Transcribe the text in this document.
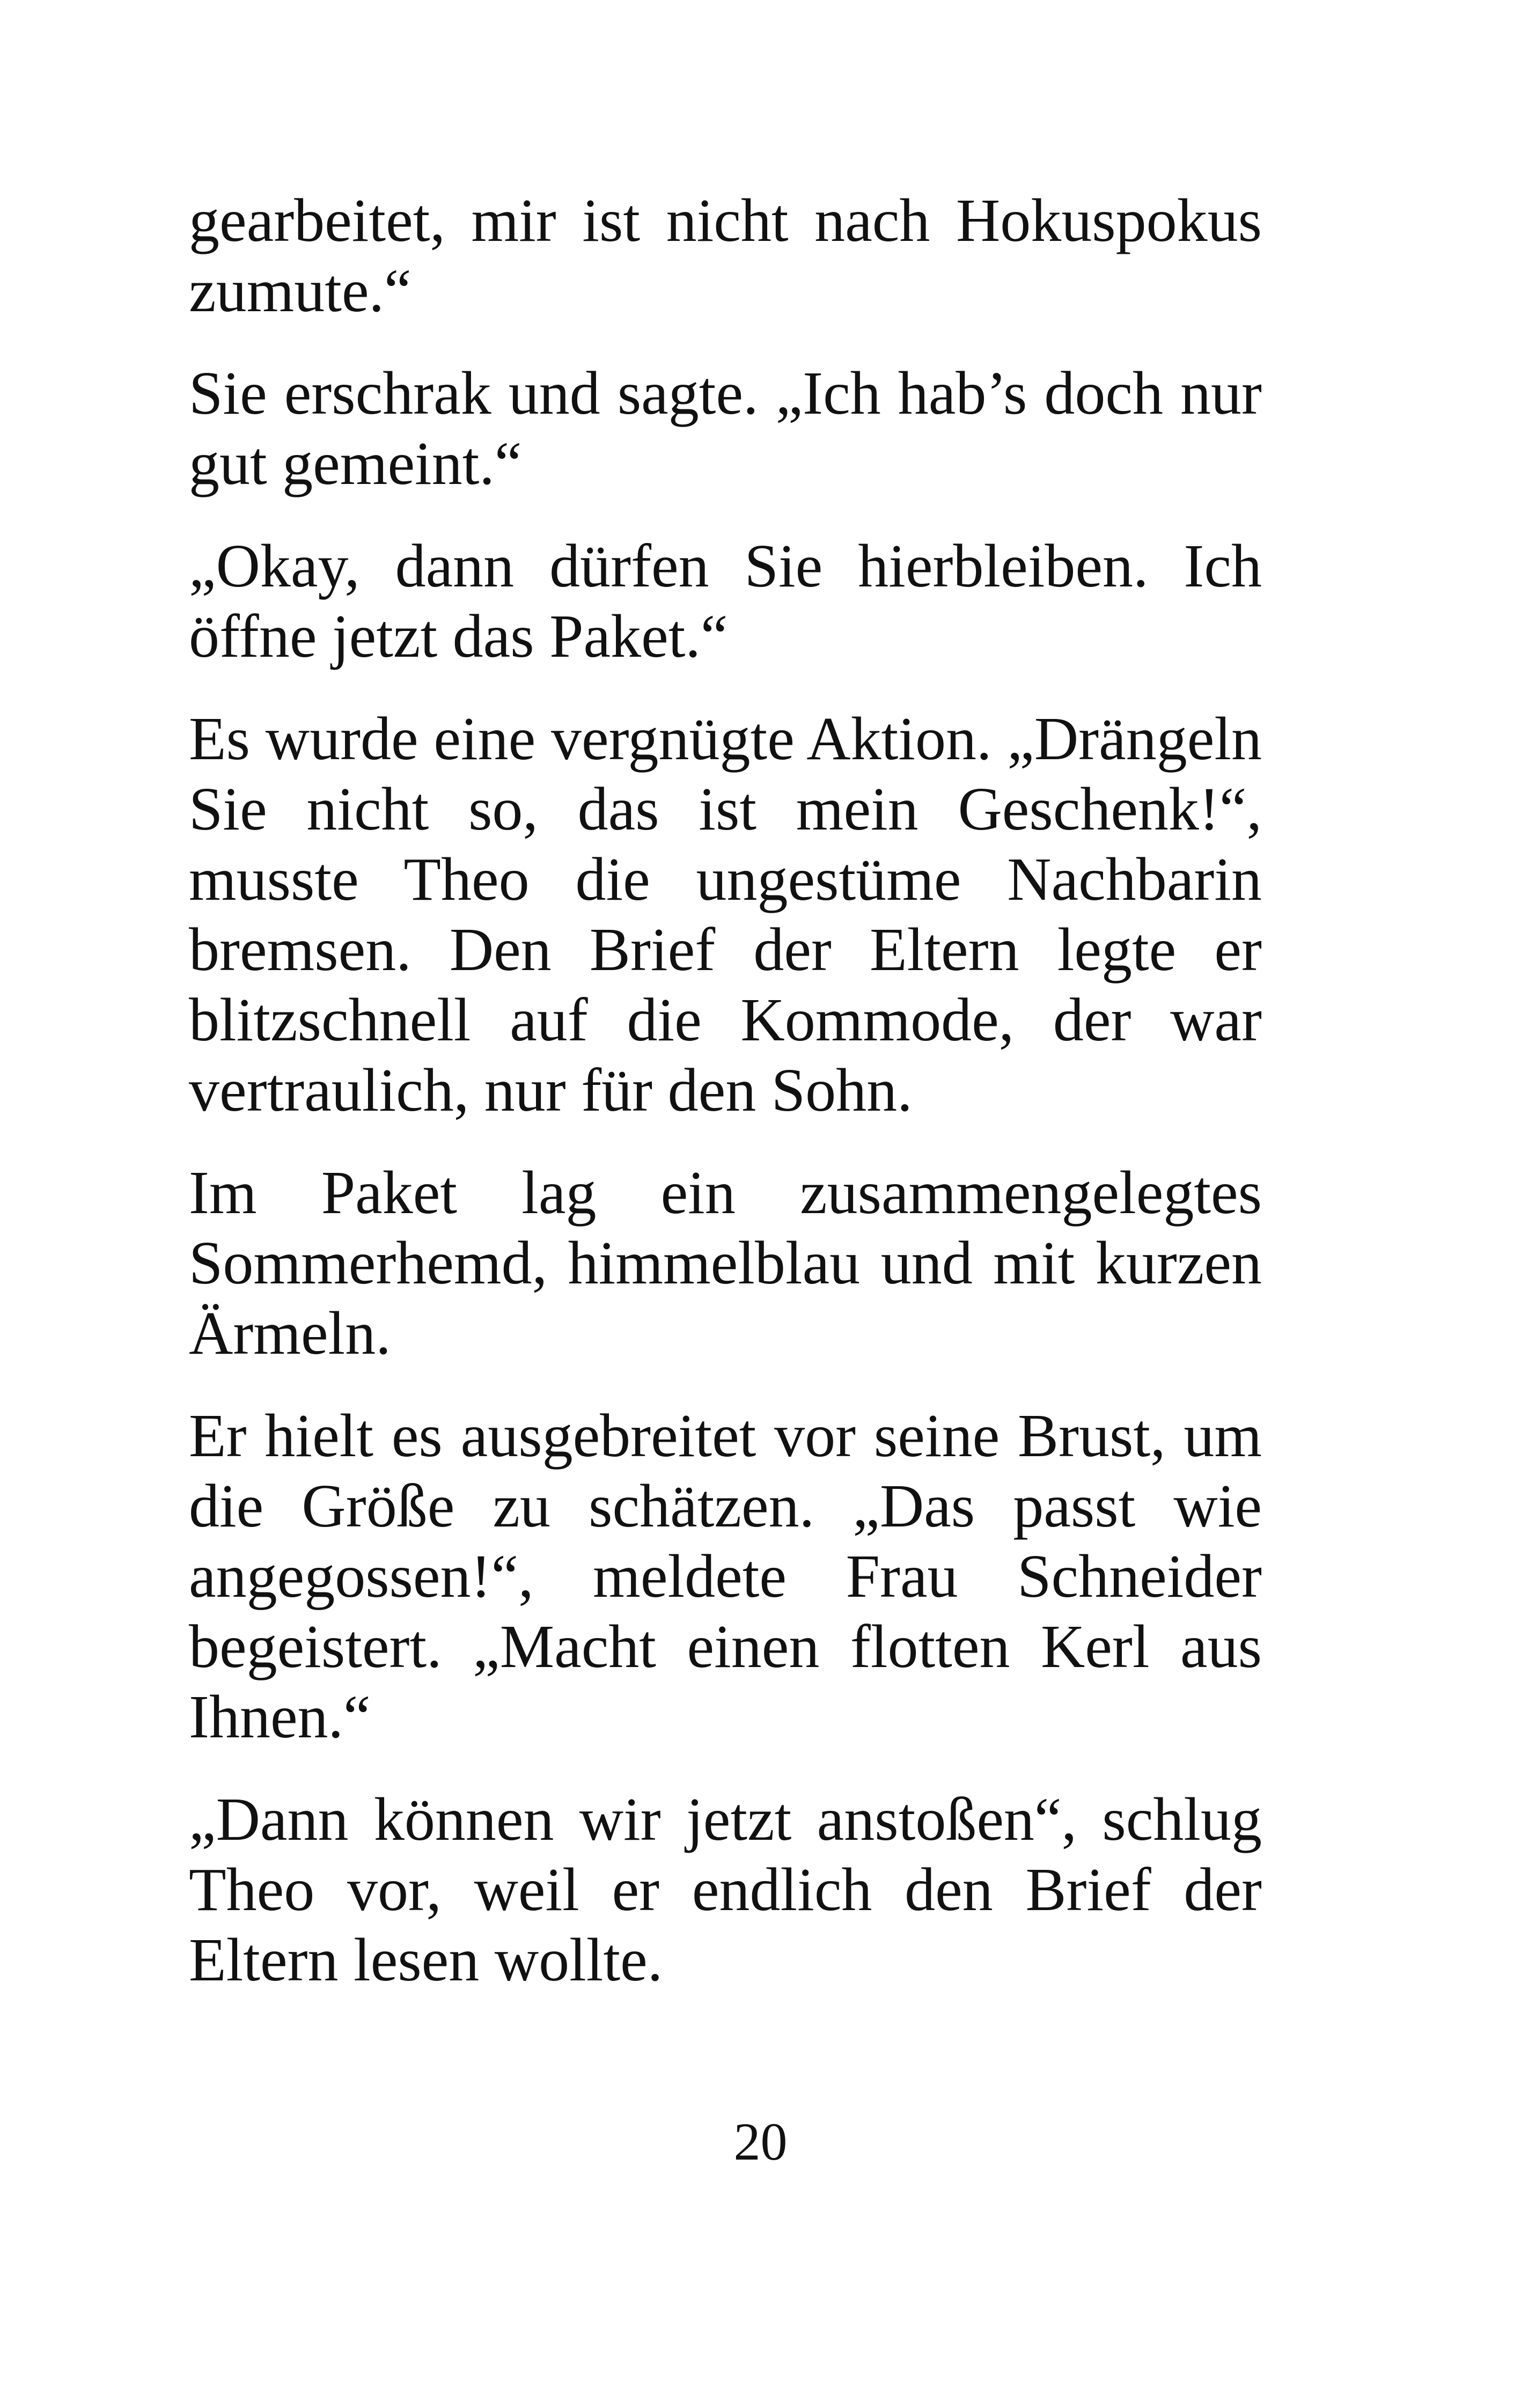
gearbeitet, mir ist nicht nach Hokuspokus zumute.“

Sie erschrak und sagte. „Ich hab’s doch nur gut gemeint.“

„Okay, dann dürfen Sie hierbleiben. Ich öffne jetzt das Paket.“

Es wurde eine vergnügte Aktion. „Drängeln Sie nicht so, das ist mein Geschenk!“, musste Theo die ungestüme Nachbarin bremsen. Den Brief der Eltern legte er blitzschnell auf die Kommode, der war vertraulich, nur für den Sohn.

Im Paket lag ein zusammengelegtes Sommerhemd, himmelblau und mit kurzen Ärmeln.

Er hielt es ausgebreitet vor seine Brust, um die Größe zu schätzen. „Das passt wie angegossen!“, meldete Frau Schneider begeistert. „Macht einen flotten Kerl aus Ihnen.“

„Dann können wir jetzt anstoßen“, schlug Theo vor, weil er endlich den Brief der Eltern lesen wollte.

20
